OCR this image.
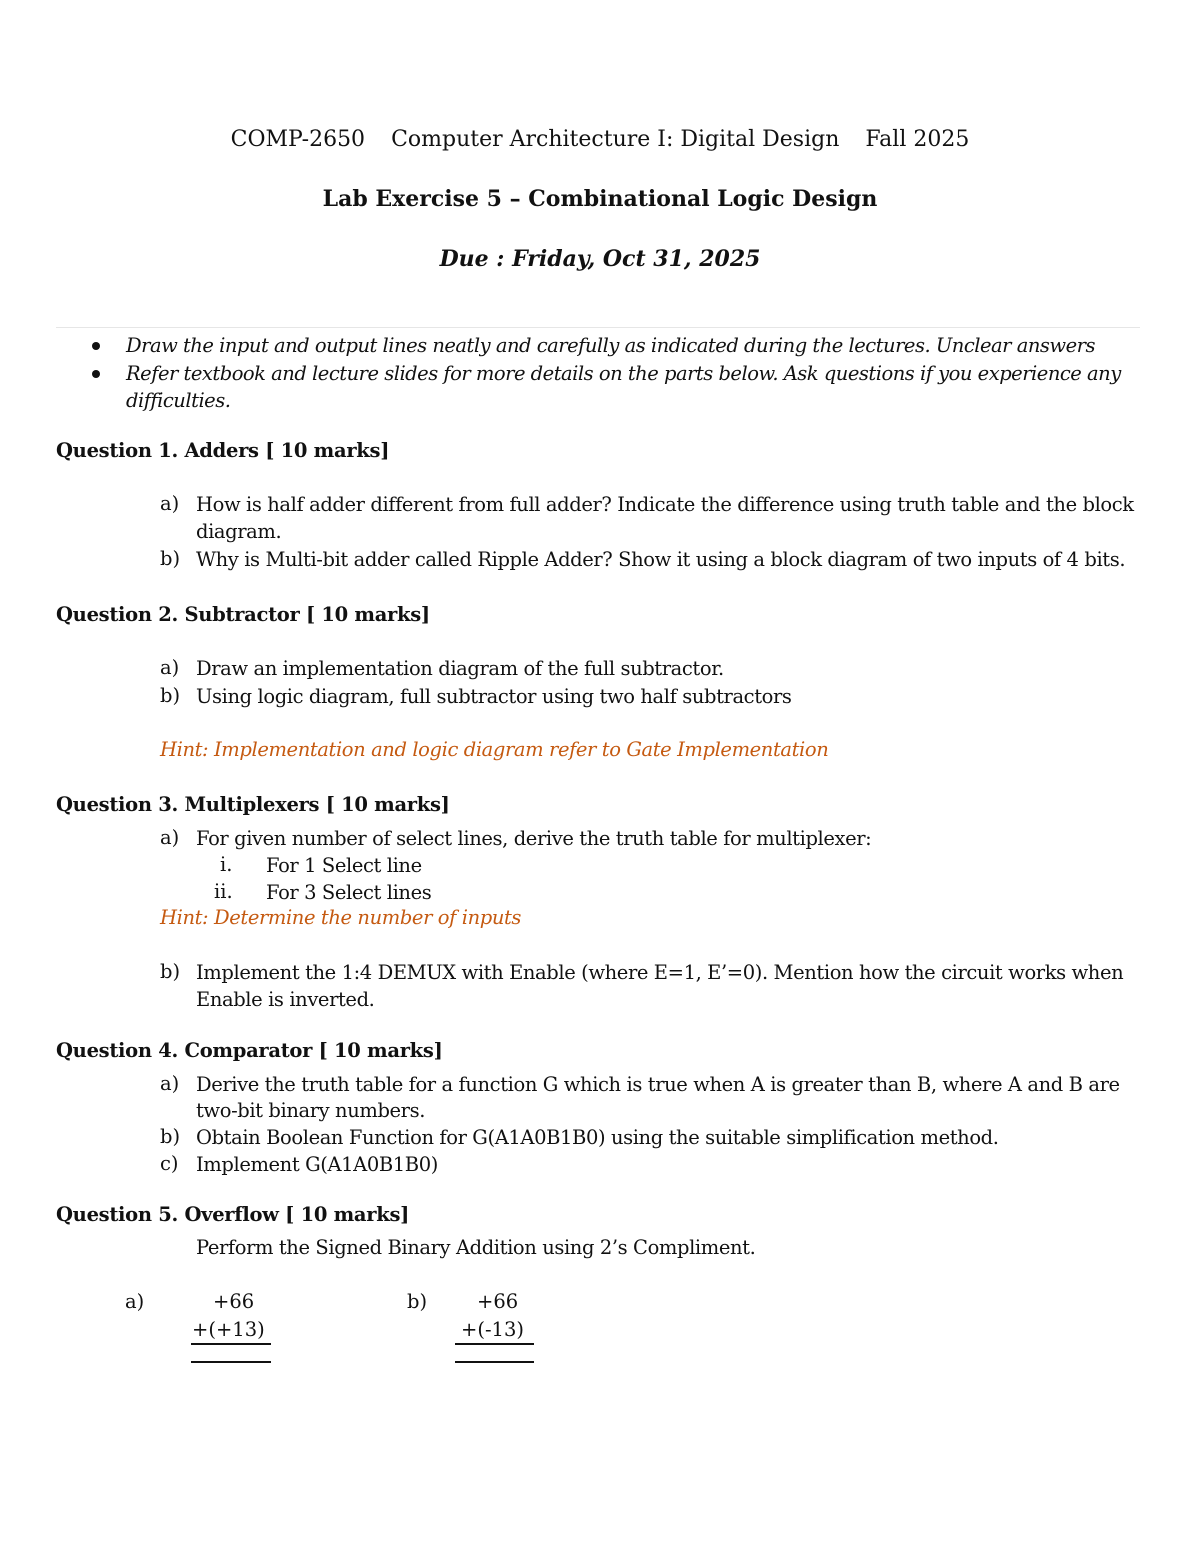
COMP-2650 Computer Architecture I: Digital Design Fall 2025
Lab Exercise 5 – Combinational Logic Design
Due : Friday, Oct 31, 2025
Draw the input and output lines neatly and carefully as indicated during the lectures. Unclear answers
Refer textbook and lecture slides for more details on the parts below. Ask questions if you experience any
difficulties.
Question 1. Adders [ 10 marks]
a) How is half adder different from full adder? Indicate the difference using truth table and the block
diagram.
b) Why is Multi-bit adder called Ripple Adder? Show it using a block diagram of two inputs of 4 bits.
Question 2. Subtractor [ 10 marks]
a) Draw an implementation diagram of the full subtractor.
b) Using logic diagram, full subtractor using two half subtractors
Hint: Implementation and logic diagram refer to Gate Implementation
Question 3. Multiplexers [ 10 marks]
a) For given number of select lines, derive the truth table for multiplexer:
i. For 1 Select line
ii. For 3 Select lines
Hint: Determine the number of inputs
b) Implement the 1:4 DEMUX with Enable (where E=1, E’=0). Mention how the circuit works when
Enable is inverted.
Question 4. Comparator [ 10 marks]
a) Derive the truth table for a function G which is true when A is greater than B, where A and B are
two-bit binary numbers.
b) Obtain Boolean Function for G(A1A0B1B0) using the suitable simplification method.
c) Implement G(A1A0B1B0)
Question 5. Overflow [ 10 marks]
Perform the Signed Binary Addition using 2’s Compliment.
a)	+66
+(+13)
b)	+66
+(-13)
